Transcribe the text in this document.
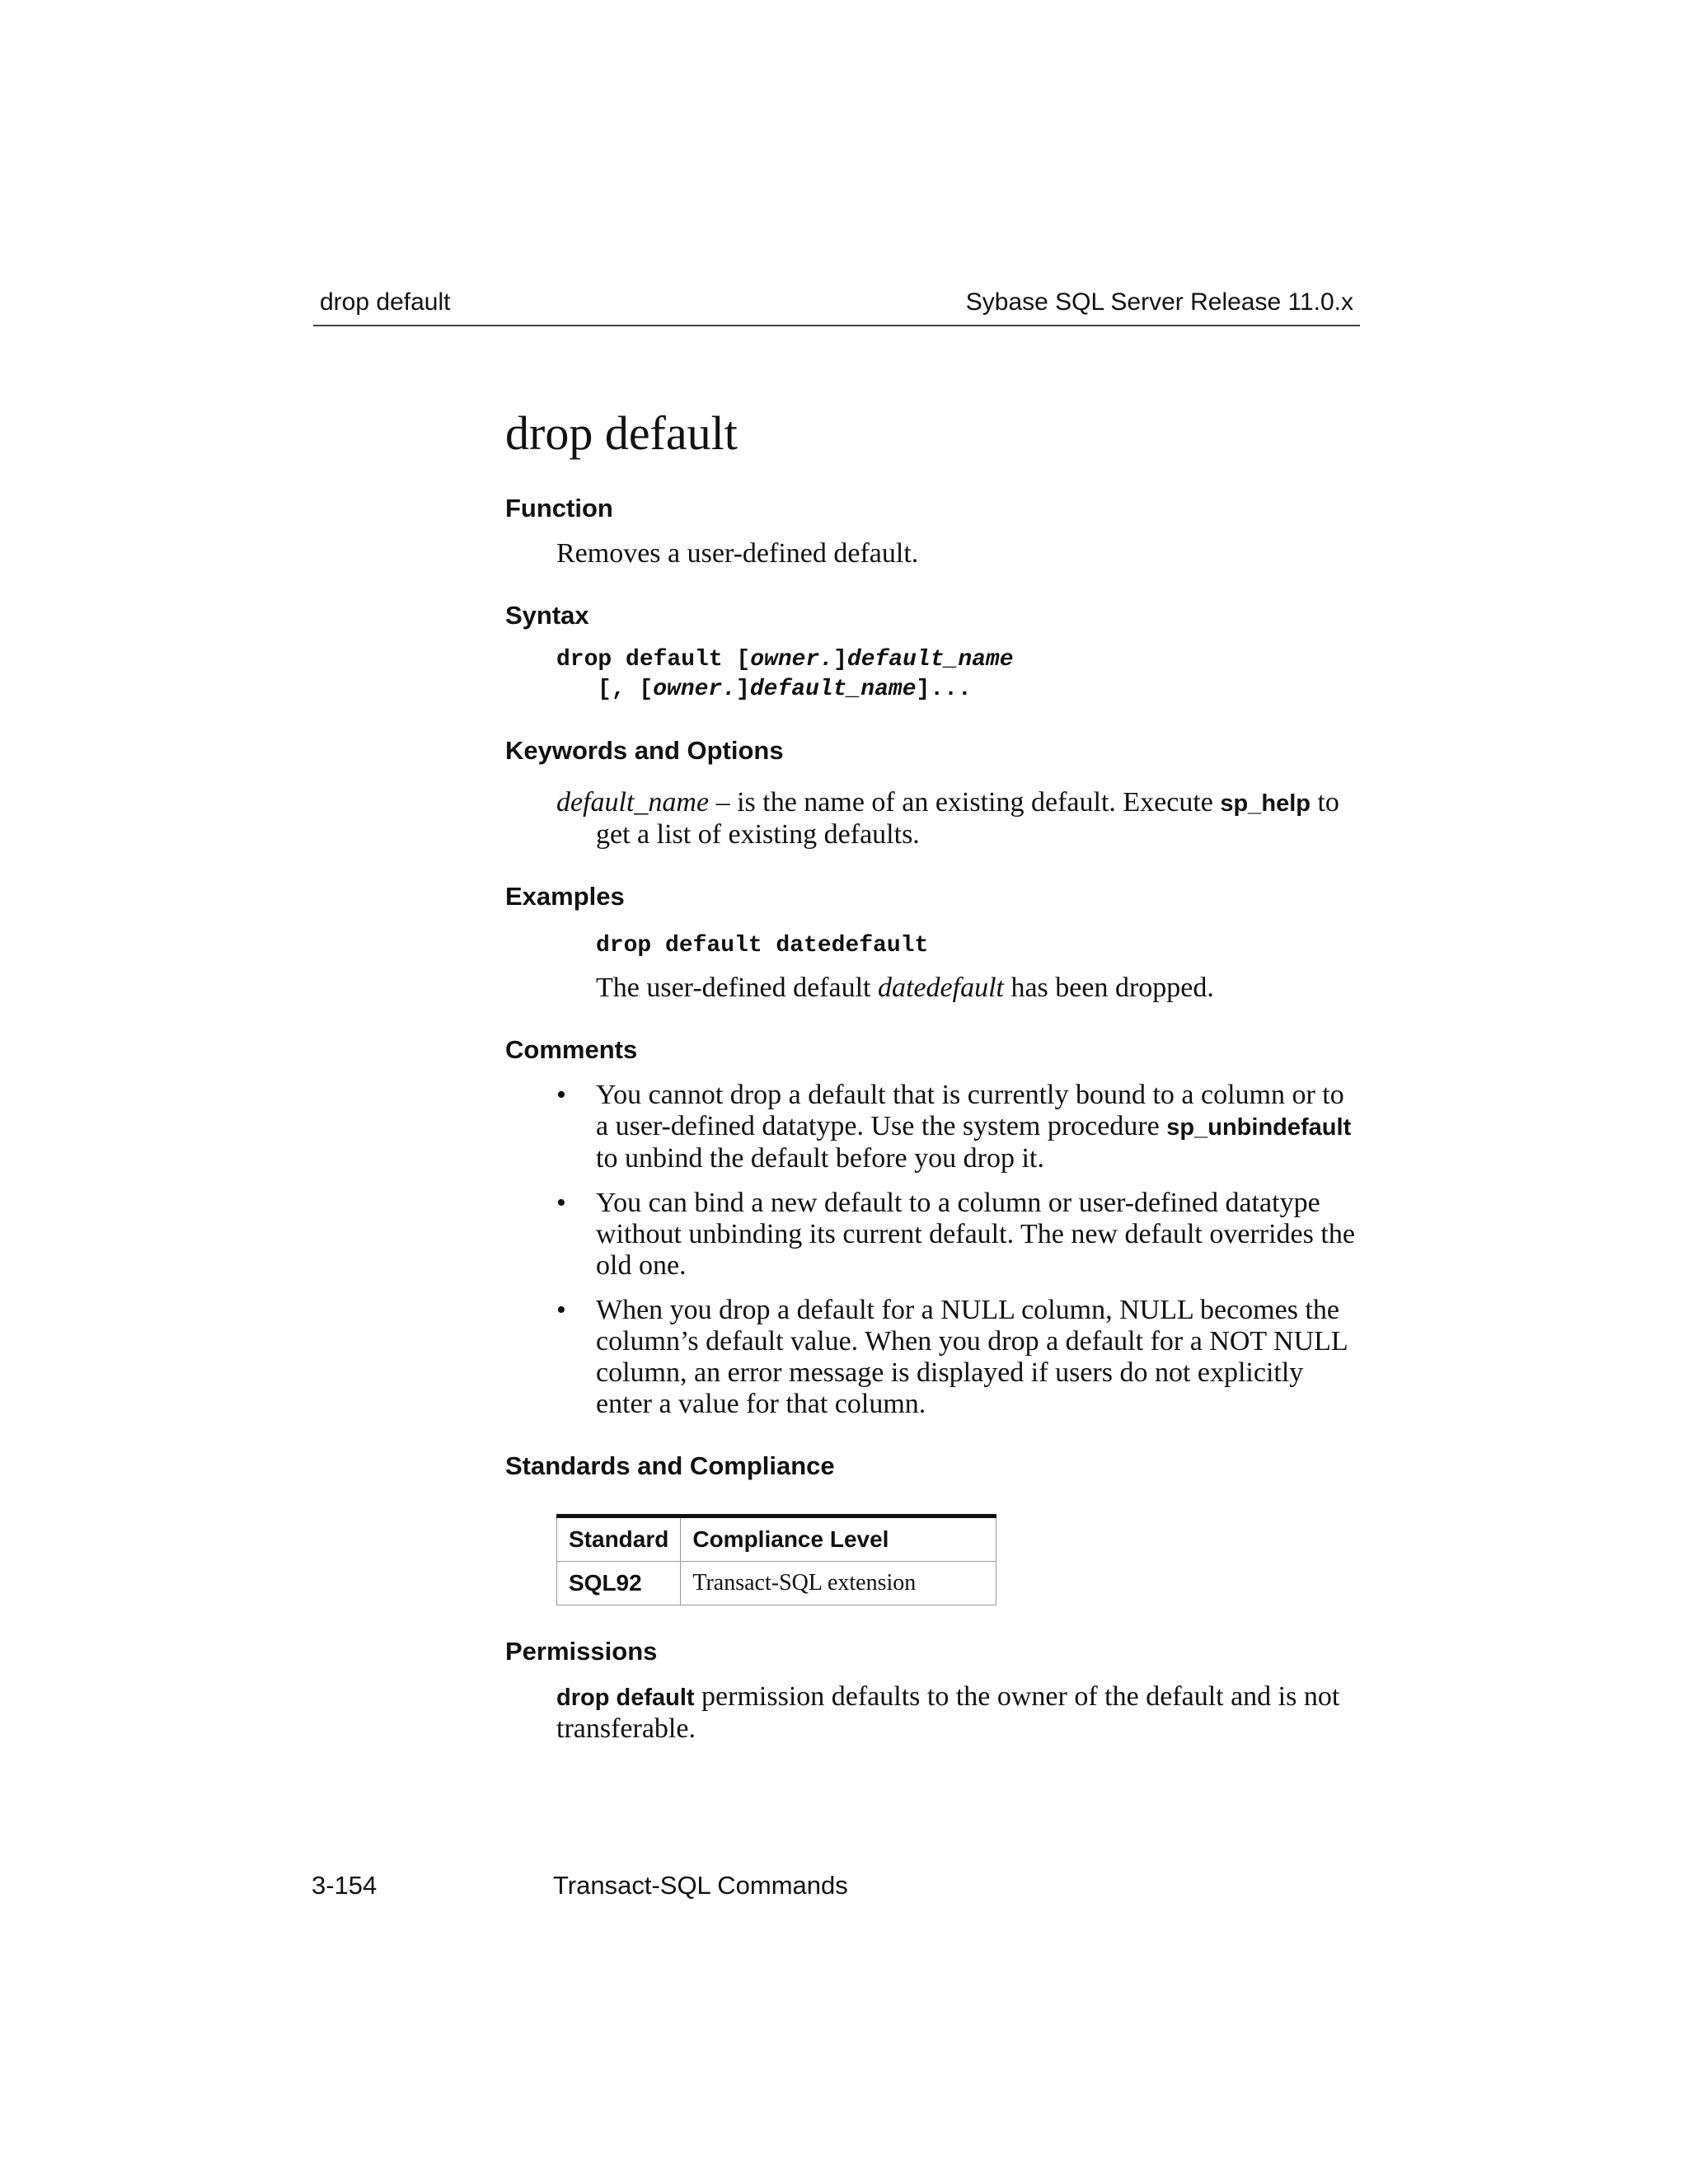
drop default	Sybase SQL Server Release 11.0.x
drop default
Function
Removes a user-defined default.
Syntax
drop default [owner.]default_name
[, [owner.]default_name]...
Keywords and Options
default_name – is the name of an existing default. Execute sp_help to get a list of existing defaults.
Examples
drop default datedefault
The user-defined default datedefault has been dropped.
Comments
• You cannot drop a default that is currently bound to a column or to a user-defined datatype. Use the system procedure sp_unbindefault to unbind the default before you drop it.
• You can bind a new default to a column or user-defined datatype without unbinding its current default. The new default overrides the old one.
• When you drop a default for a NULL column, NULL becomes the column’s default value. When you drop a default for a NOT NULL column, an error message is displayed if users do not explicitly enter a value for that column.
Standards and Compliance
Standard	Compliance Level
SQL92	Transact-SQL extension
Permissions
drop default permission defaults to the owner of the default and is not transferable.
3-154	Transact-SQL Commands
